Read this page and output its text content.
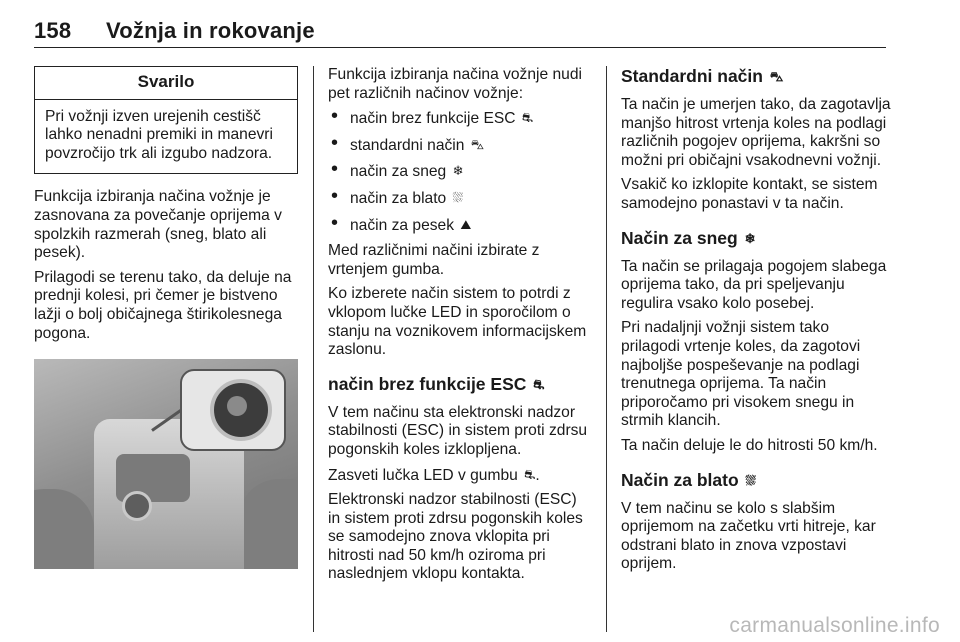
158 Vožnja in rokovanje
Svarilo
Pri vožnji izven urejenih cestišč lahko nenadni premiki in manevri povzročijo trk ali izgubo nadzora.

Funkcija izbiranja načina vožnje je zasnovana za povečanje oprijema v spolzkih razmerah (sneg, blato ali pesek).

Prilagodi se terenu tako, da deluje na prednji kolesi, pri čemer je bistveno lažji o bolj običajnega štirikolesnega pogona.

Funkcija izbiranja načina vožnje nudi pet različnih načinov vožnje:

• način brez funkcije ESC ⛐
• standardni način ⛍
• način za sneg ❄
• način za blato ⛆
• način za pesek ⛰

Med različnimi načini izbirate z vrtenjem gumba.

Ko izberete način sistem to potrdi z vklopom lučke LED in sporočilom o stanju na voznikovem informacijskem zaslonu.

način brez funkcije ESC ⛐

V tem načinu sta elektronski nadzor stabilnosti (ESC) in sistem proti zdrsu pogonskih koles izklopljena.

Zasveti lučka LED v gumbu ⛐.

Elektronski nadzor stabilnosti (ESC) in sistem proti zdrsu pogonskih koles se samodejno znova vklopita pri hitrosti nad 50 km/h oziroma pri naslednjem vklopu kontakta.

Standardni način ⛍

Ta način je umerjen tako, da zagotavlja manjšo hitrost vrtenja koles na podlagi različnih pogojev oprijema, kakršni so možni pri običajni vsakodnevni vožnji.

Vsakič ko izklopite kontakt, se sistem samodejno ponastavi v ta način.

Način za sneg ❄

Ta način se prilagaja pogojem slabega oprijema tako, da pri speljevanju regulira vsako kolo posebej.

Pri nadaljnji vožnji sistem tako prilagodi vrtenje koles, da zagotovi najboljše pospeševanje na podlagi trenutnega oprijema. Ta način priporočamo pri visokem snegu in strmih klancih.

Ta način deluje le do hitrosti 50 km/h.

Način za blato ⛆

V tem načinu se kolo s slabšim oprijemom na začetku vrti hitreje, kar odstrani blato in znova vzpostavi oprijem.

carmanualsonline.info
